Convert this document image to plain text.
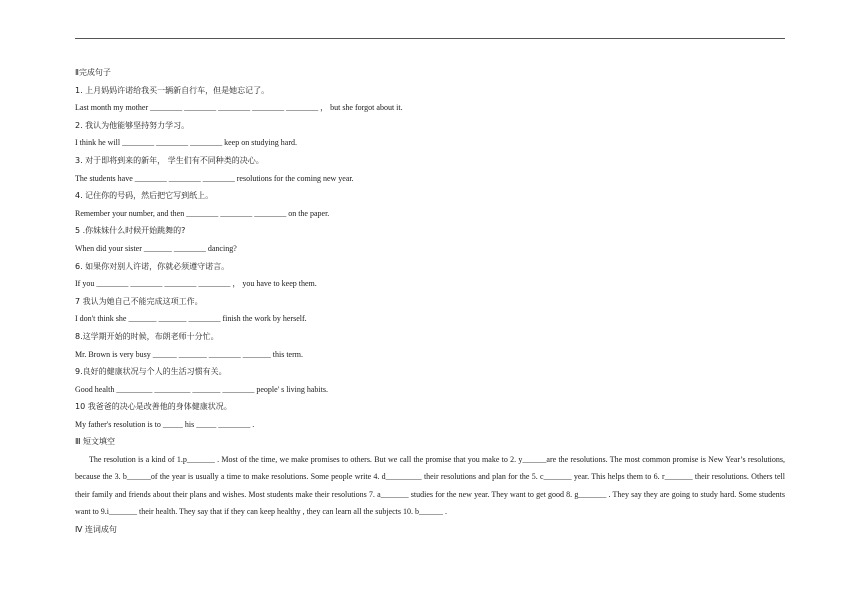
Ⅱ完成句子

1. 上月妈妈许诺给我买一辆新自行车，但是她忘记了。

Last month my mother ________ ________ ________ ________ ________ ， but she forgot about it.

2. 我认为他能够坚持努力学习。

I think he will ________ ________ ________ keep on studying hard.

3. 对于即将到来的新年， 学生们有不同种类的决心。

The students have ________ ________ ________ resolutions for the coming new year.

4. 记住你的号码，然后把它写到纸上。

Remember your number, and then ________ ________ ________ on the paper.

5 .你妹妹什么时候开始跳舞的?

When did your sister _______ ________ dancing?

6. 如果你对别人许诺，你就必须遵守诺言。

If you ________ ________ ________ ________ ， you have to keep them.

7 我认为她自己不能完成这项工作。

I don't think she _______ _______ ________ finish the work by herself.

8.这学期开始的时候，布朗老师十分忙。

Mr. Brown is very busy ______ _______ ________ _______ this term.

9.良好的健康状况与个人的生活习惯有关。

Good health _________ _________ _______ ________ people' s living habits.

10 我爸爸的决心是改善他的身体健康状况。

My father's resolution is to _____ his _____ ________ .

Ⅲ 短文填空

The resolution is a kind of 1.p_______ . Most of the time, we make promises to others. But we call the promise that you make to 2. y______are the resolutions. The most common promise is New Year’s resolutions, because the 3. b______of the year is usually a time to make resolutions. Some people write 4. d_________ their resolutions and plan for the 5. c_______ year. This helps them to 6. r_______ their resolutions. Others tell their family and friends about their plans and wishes. Most students make their resolutions 7. a_______ studies for the new year. They want to get good 8. g_______ . They say they are going to study hard. Some students want to 9.i_______ their health. They say that if they can keep healthy , they can learn all the subjects 10. b______ .

Ⅳ 连词成句
